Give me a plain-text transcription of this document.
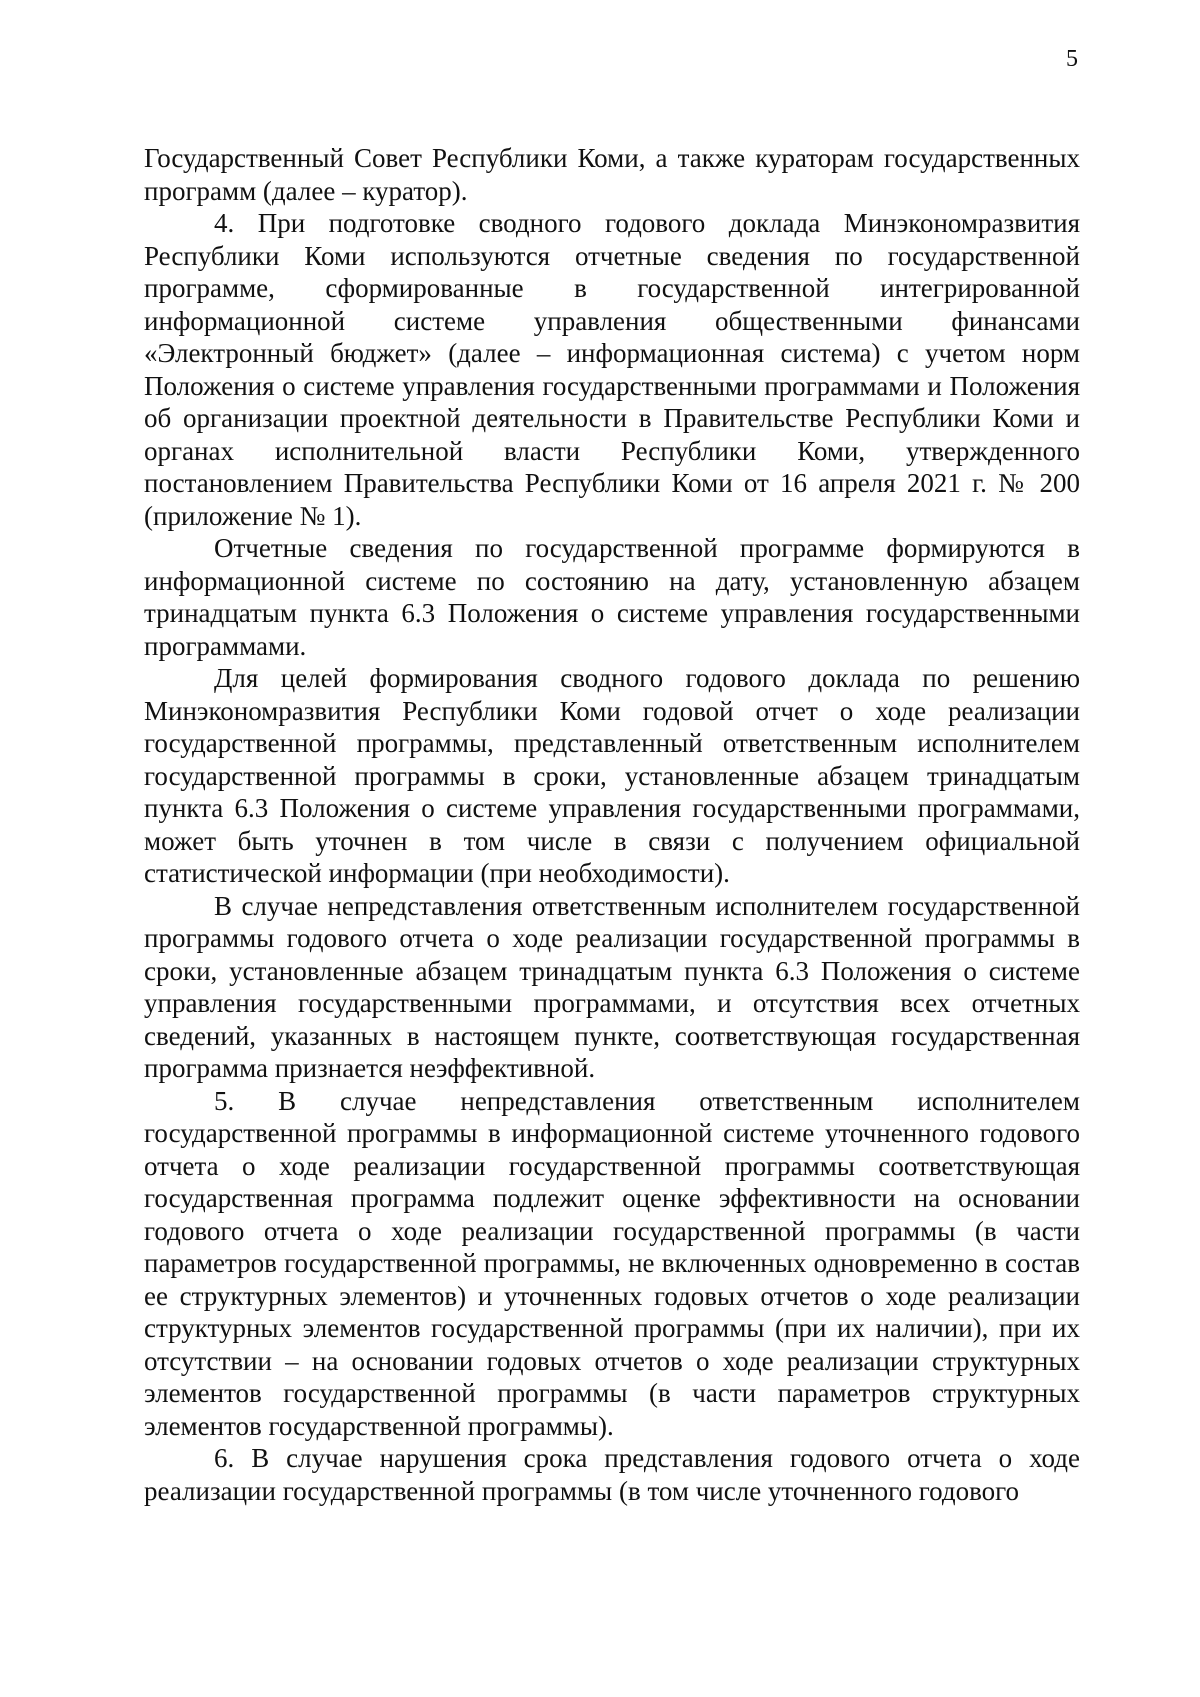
5

Государственный Совет Республики Коми, а также кураторам государственных программ (далее – куратор).

4. При подготовке сводного годового доклада Минэкономразвития Республики Коми используются отчетные сведения по государственной программе, сформированные в государственной интегрированной информационной системе управления общественными финансами «Электронный бюджет» (далее – информационная система) с учетом норм Положения о системе управления государственными программами и Положения об организации проектной деятельности в Правительстве Республики Коми и органах исполнительной власти Республики Коми, утвержденного постановлением Правительства Республики Коми от 16 апреля 2021 г. № 200 (приложение № 1).

Отчетные сведения по государственной программе формируются в информационной системе по состоянию на дату, установленную абзацем тринадцатым пункта 6.3 Положения о системе управления государственными программами.

Для целей формирования сводного годового доклада по решению Минэкономразвития Республики Коми годовой отчет о ходе реализации государственной программы, представленный ответственным исполнителем государственной программы в сроки, установленные абзацем тринадцатым пункта 6.3 Положения о системе управления государственными программами, может быть уточнен в том числе в связи с получением официальной статистической информации (при необходимости).

В случае непредставления ответственным исполнителем государственной программы годового отчета о ходе реализации государственной программы в сроки, установленные абзацем тринадцатым пункта 6.3 Положения о системе управления государственными программами, и отсутствия всех отчетных сведений, указанных в настоящем пункте, соответствующая государственная программа признается неэффективной.

5. В случае непредставления ответственным исполнителем государственной программы в информационной системе уточненного годового отчета о ходе реализации государственной программы соответствующая государственная программа подлежит оценке эффективности на основании годового отчета о ходе реализации государственной программы (в части параметров государственной программы, не включенных одновременно в состав ее структурных элементов) и уточненных годовых отчетов о ходе реализации структурных элементов государственной программы (при их наличии), при их отсутствии – на основании годовых отчетов о ходе реализации структурных элементов государственной программы (в части параметров структурных элементов государственной программы).

6. В случае нарушения срока представления годового отчета о ходе реализации государственной программы (в том числе уточненного годового
